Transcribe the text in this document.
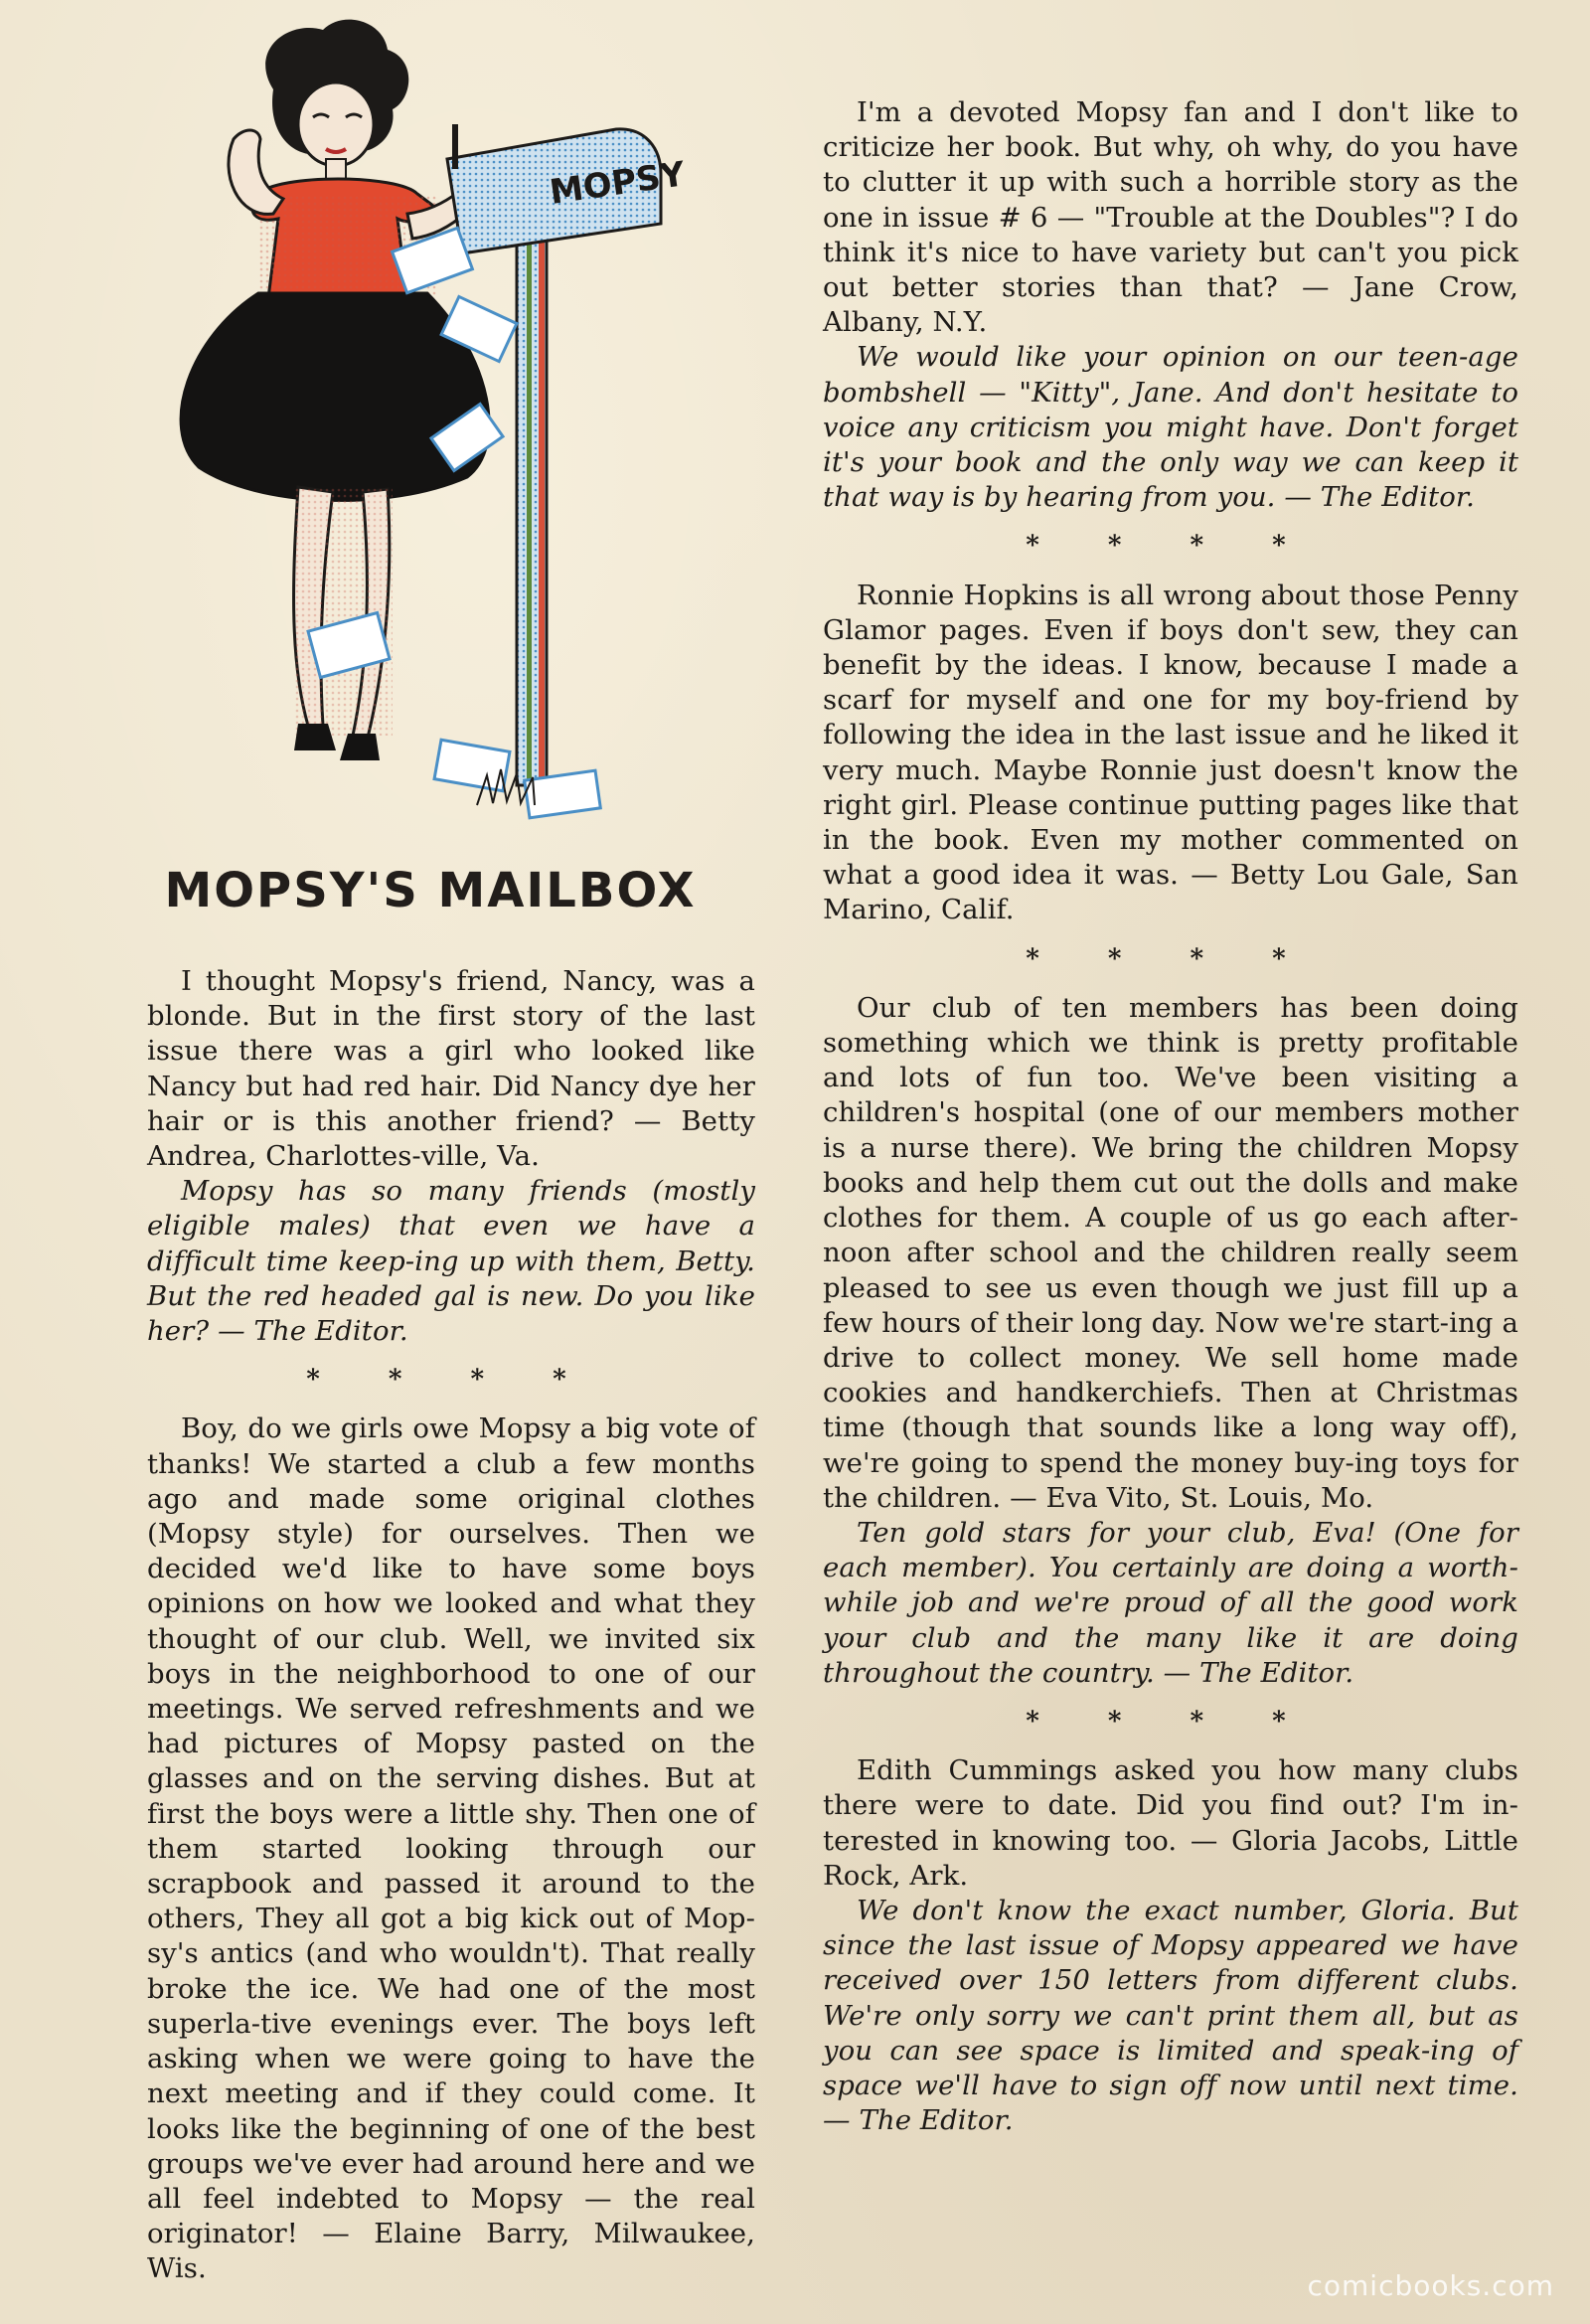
MOPSY
MOPSY'S MAILBOX

I thought Mopsy's friend, Nancy, was a blonde. But in the first story of the last issue there was a girl who looked like Nancy but had red hair. Did Nancy dye her hair or is this another friend? — Betty Andrea, Charlottes-ville, Va.

Mopsy has so many friends (mostly eligible males) that even we have a difficult time keep-ing up with them, Betty. But the red headed gal is new. Do you like her? — The Editor.

* * * *

Boy, do we girls owe Mopsy a big vote of thanks! We started a club a few months ago and made some original clothes (Mopsy style) for ourselves. Then we decided we'd like to have some boys opinions on how we looked and what they thought of our club. Well, we invited six boys in the neighborhood to one of our meetings. We served refreshments and we had pictures of Mopsy pasted on the glasses and on the serving dishes. But at first the boys were a little shy. Then one of them started looking through our scrapbook and passed it around to the others, They all got a big kick out of Mop-sy's antics (and who wouldn't). That really broke the ice. We had one of the most superla-tive evenings ever. The boys left asking when we were going to have the next meeting and if they could come. It looks like the beginning of one of the best groups we've ever had around here and we all feel indebted to Mopsy — the real originator! — Elaine Barry, Milwaukee, Wis.

I'm a devoted Mopsy fan and I don't like to criticize her book. But why, oh why, do you have to clutter it up with such a horrible story as the one in issue # 6 — "Trouble at the Doubles"? I do think it's nice to have variety but can't you pick out better stories than that? — Jane Crow, Albany, N.Y.

We would like your opinion on our teen-age bombshell — "Kitty", Jane. And don't hesitate to voice any criticism you might have. Don't forget it's your book and the only way we can keep it that way is by hearing from you. — The Editor.

* * * *

Ronnie Hopkins is all wrong about those Penny Glamor pages. Even if boys don't sew, they can benefit by the ideas. I know, because I made a scarf for myself and one for my boy-friend by following the idea in the last issue and he liked it very much. Maybe Ronnie just doesn't know the right girl. Please continue putting pages like that in the book. Even my mother commented on what a good idea it was. — Betty Lou Gale, San Marino, Calif.

* * * *

Our club of ten members has been doing something which we think is pretty profitable and lots of fun too. We've been visiting a children's hospital (one of our members mother is a nurse there). We bring the children Mopsy books and help them cut out the dolls and make clothes for them. A couple of us go each after-noon after school and the children really seem pleased to see us even though we just fill up a few hours of their long day. Now we're start-ing a drive to collect money. We sell home made cookies and handkerchiefs. Then at Christmas time (though that sounds like a long way off), we're going to spend the money buy-ing toys for the children. — Eva Vito, St. Louis, Mo.

Ten gold stars for your club, Eva! (One for each member). You certainly are doing a worth-while job and we're proud of all the good work your club and the many like it are doing throughout the country. — The Editor.

* * * *

Edith Cummings asked you how many clubs there were to date. Did you find out? I'm in-terested in knowing too. — Gloria Jacobs, Little Rock, Ark.

We don't know the exact number, Gloria. But since the last issue of Mopsy appeared we have received over 150 letters from different clubs. We're only sorry we can't print them all, but as you can see space is limited and speak-ing of space we'll have to sign off now until next time. — The Editor.

comicbooks.com
